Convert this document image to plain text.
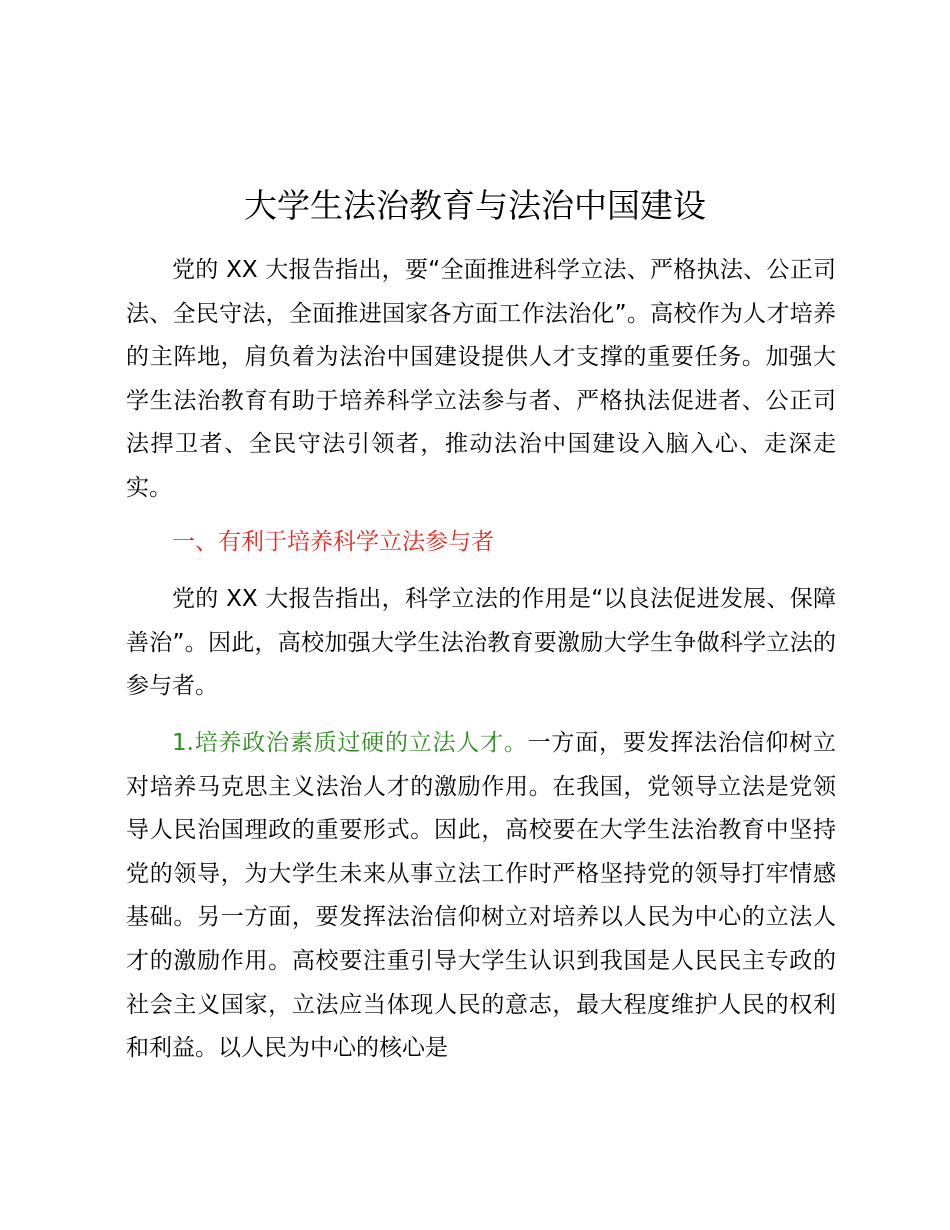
大学生法治教育与法治中国建设

党的 XX 大报告指出，要“全面推进科学立法、严格执法、公正司法、全民守法，全面推进国家各方面工作法治化”。高校作为人才培养的主阵地，肩负着为法治中国建设提供人才支撑的重要任务。加强大学生法治教育有助于培养科学立法参与者、严格执法促进者、公正司法捍卫者、全民守法引领者，推动法治中国建设入脑入心、走深走实。

一、有利于培养科学立法参与者

党的 XX 大报告指出，科学立法的作用是“以良法促进发展、保障善治”。因此，高校加强大学生法治教育要激励大学生争做科学立法的参与者。

1.培养政治素质过硬的立法人才。一方面，要发挥法治信仰树立对培养马克思主义法治人才的激励作用。在我国，党领导立法是党领导人民治国理政的重要形式。因此，高校要在大学生法治教育中坚持党的领导，为大学生未来从事立法工作时严格坚持党的领导打牢情感基础。另一方面，要发挥法治信仰树立对培养以人民为中心的立法人才的激励作用。高校要注重引导大学生认识到我国是人民民主专政的社会主义国家，立法应当体现人民的意志，最大程度维护人民的权利和利益。以人民为中心的核心是
